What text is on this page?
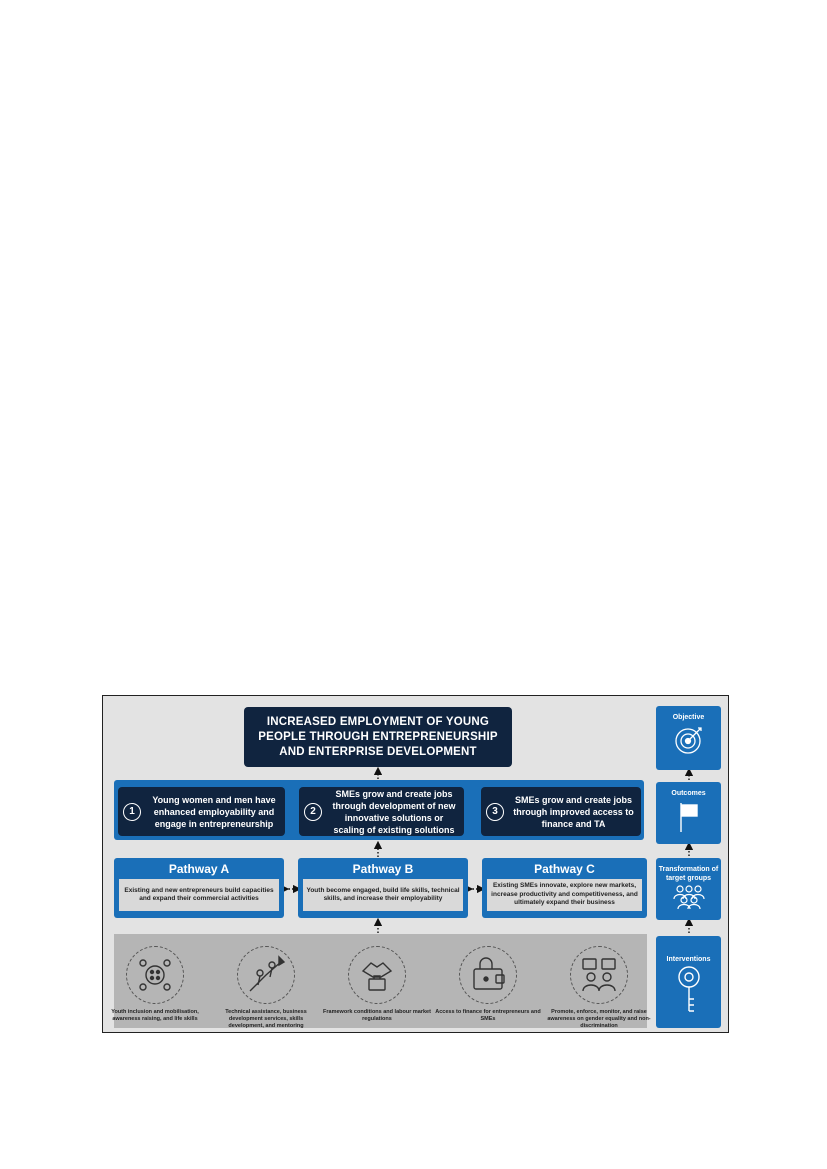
INCREASED EMPLOYMENT OF YOUNG PEOPLE THROUGH ENTREPRENEURSHIP AND ENTERPRISE DEVELOPMENT
1
Young women and men have enhanced employability and engage in entrepreneurship
2
SMEs grow and create jobs through development of new innovative solutions or scaling of existing solutions
3
SMEs grow and create jobs through improved access to finance and TA
Pathway A
Existing and new entrepreneurs build capacities and expand their commercial activities
Pathway B
Youth become engaged, build life skills, technical skills, and increase their employability
Pathway C
Existing SMEs innovate, explore new markets, increase productivity and competitiveness, and ultimately expand their business
Youth inclusion and mobilisation, awareness raising, and life skills
Technical assistance, business development services, skills development, and mentoring
Framework conditions and labour market regulations
Access to finance for entrepreneurs and SMEs
Promote, enforce, monitor, and raise awareness on gender equality and non-discrimination
Objective
Outcomes
Transformation of target groups
Interventions
